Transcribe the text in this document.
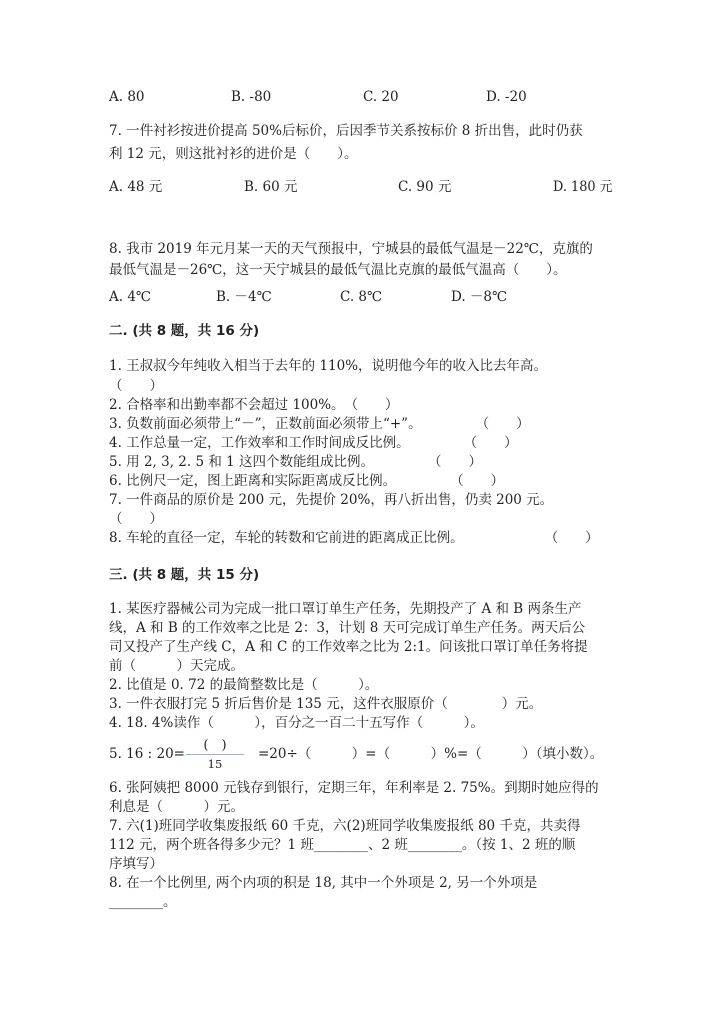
A. 80	B. -80	C. 20	D. -20
7. 一件衬衫按进价提高 50%后标价，后因季节关系按标价 8 折出售，此时仍获
利 12 元，则这批衬衫的进价是（　　）。
A. 48 元	B. 60 元	C. 90 元	D. 180 元
8. 我市 2019 年元月某一天的天气预报中，宁城县的最低气温是－22℃，克旗的
最低气温是－26℃，这一天宁城县的最低气温比克旗的最低气温高（　　）。
A. 4℃	B. －4℃	C. 8℃	D. －8℃
二. (共 8 题，共 16 分)
1. 王叔叔今年纯收入相当于去年的 110%，说明他今年的收入比去年高。
（　　）
2. 合格率和出勤率都不会超过 100%。　（　　）
3. 负数前面必须带上“－”，正数前面必须带上“+”。　　　　　（　　）
4. 工作总量一定，工作效率和工作时间成反比例。　　　　　（　　）
5. 用 2, 3, 2. 5 和 1 这四个数能组成比例。　　　　　（　　）
6. 比例尺一定，图上距离和实际距离成反比例。　　　　　（　　）
7. 一件商品的原价是 200 元，先提价 20%，再八折出售，仍卖 200 元。
（　　）
8. 车轮的直径一定，车轮的转数和它前进的距离成正比例。　　　　　　　（　　）
三. (共 8 题，共 15 分)
1. 某医疗器械公司为完成一批口罩订单生产任务，先期投产了 A 和 B 两条生产
线，A 和 B 的工作效率之比是 2：3，计划 8 天可完成订单生产任务。两天后公
司又投产了生产线 C，A 和 C 的工作效率之比为 2:1。问该批口罩订单任务将提
前（　　　）天完成。
2. 比值是 0. 72 的最简整数比是（　　　）。
3. 一件衣服打完 5 折后售价是 135 元，这件衣服原价（　　　　）元。
4. 18. 4%读作（　　　），百分之一百二十五写作（　　　）。
5. 16 : 20=
(　)
15
=20÷（　　　）=（　　　）%=（　　　）（填小数）。
6. 张阿姨把 8000 元钱存到银行，定期三年，年利率是 2. 75%。到期时她应得的
利息是（　　　）元。
7. 六(1)班同学收集废报纸 60 千克，六(2)班同学收集废报纸 80 千克，共卖得
112 元，两个班各得多少元？1 班________、2 班________。（按 1、2 班的顺
序填写）
8. 在一个比例里, 两个内项的积是 18, 其中一个外项是 2, 另一个外项是
________。
